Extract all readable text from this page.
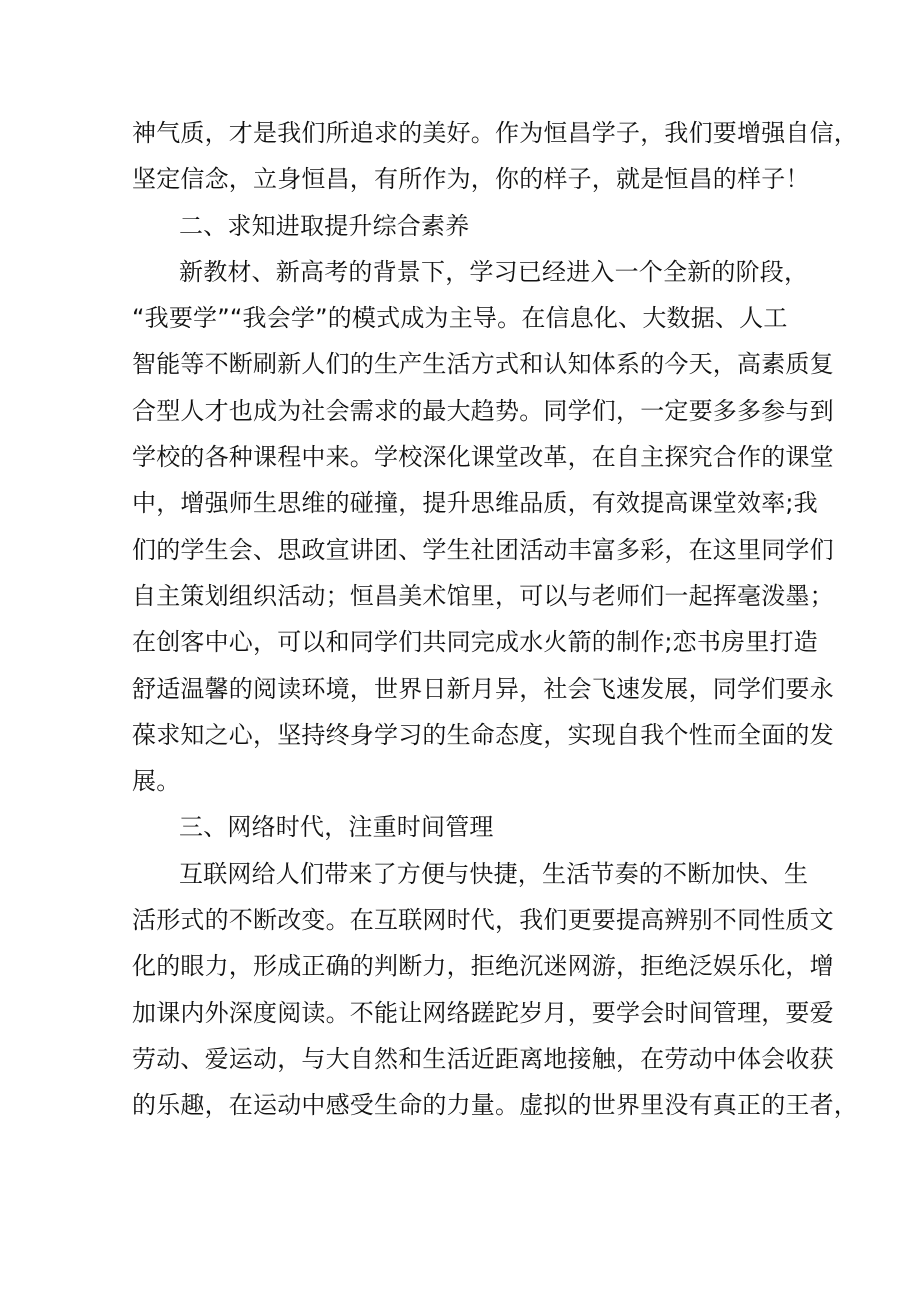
神气质，才是我们所追求的美好。作为恒昌学子，我们要增强自信，
坚定信念，立身恒昌，有所作为，你的样子，就是恒昌的样子！
二、求知进取提升综合素养
新教材、新高考的背景下，学习已经进入一个全新的阶段，
“我要学”“我会学”的模式成为主导。在信息化、大数据、人工
智能等不断刷新人们的生产生活方式和认知体系的今天，高素质复
合型人才也成为社会需求的最大趋势。同学们，一定要多多参与到
学校的各种课程中来。学校深化课堂改革，在自主探究合作的课堂
中，增强师生思维的碰撞，提升思维品质，有效提高课堂效率;我
们的学生会、思政宣讲团、学生社团活动丰富多彩，在这里同学们
自主策划组织活动；恒昌美术馆里，可以与老师们一起挥毫泼墨；
在创客中心，可以和同学们共同完成水火箭的制作;恋书房里打造
舒适温馨的阅读环境，世界日新月异，社会飞速发展，同学们要永
葆求知之心，坚持终身学习的生命态度，实现自我个性而全面的发
展。
三、网络时代，注重时间管理
互联网给人们带来了方便与快捷，生活节奏的不断加快、生
活形式的不断改变。在互联网时代，我们更要提高辨别不同性质文
化的眼力，形成正确的判断力，拒绝沉迷网游，拒绝泛娱乐化，增
加课内外深度阅读。不能让网络蹉跎岁月，要学会时间管理，要爱
劳动、爱运动，与大自然和生活近距离地接触，在劳动中体会收获
的乐趣，在运动中感受生命的力量。虚拟的世界里没有真正的王者，
